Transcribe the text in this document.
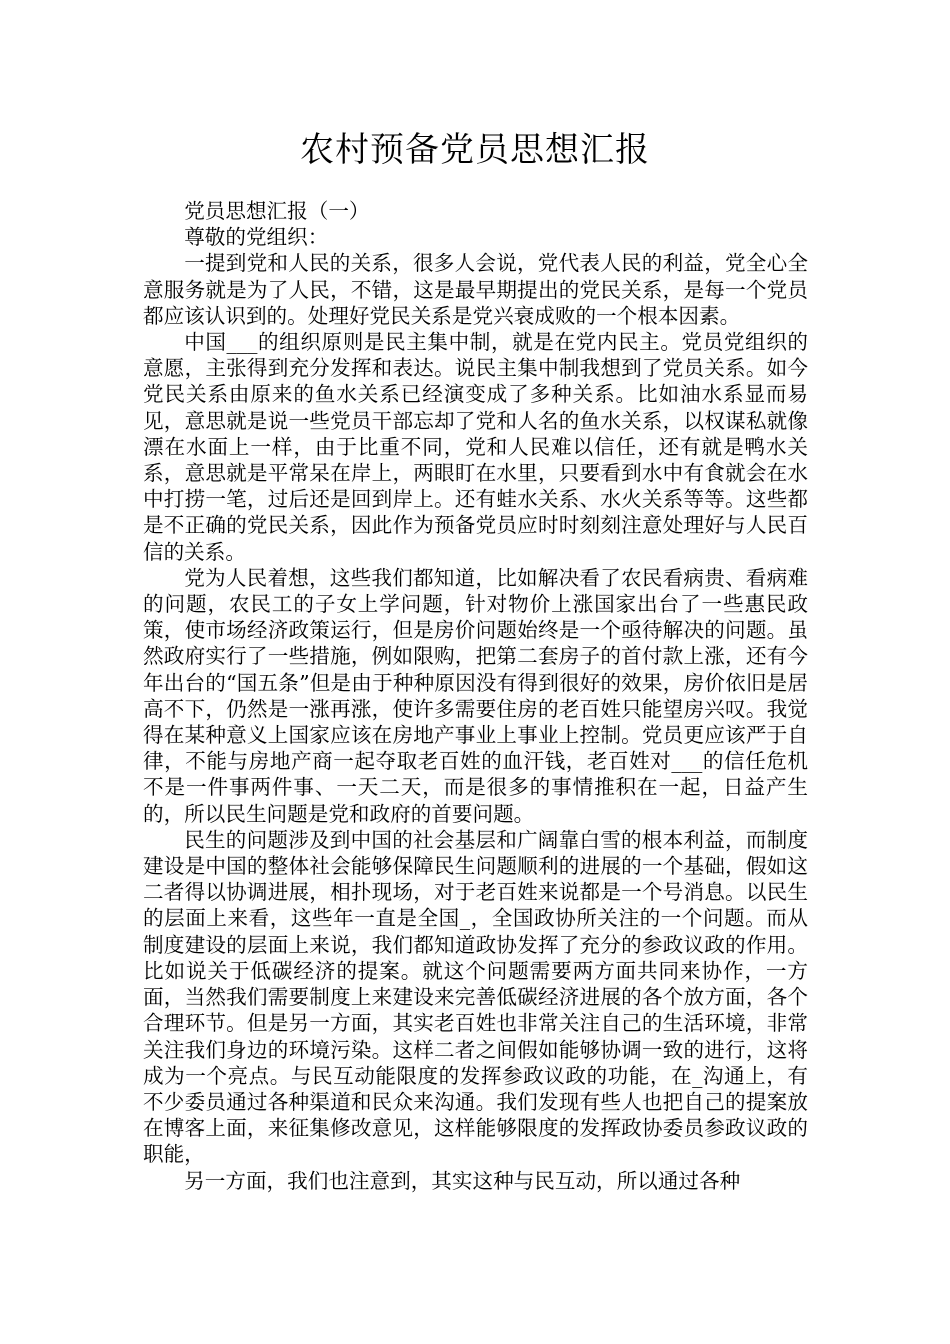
农村预备党员思想汇报

党员思想汇报（一）

尊敬的党组织：

一提到党和人民的关系，很多人会说，党代表人民的利益，党全心全意服务就是为了人民，不错，这是最早期提出的党民关系，是每一个党员都应该认识到的。处理好党民关系是党兴衰成败的一个根本因素。

中国___的组织原则是民主集中制，就是在党内民主。党员党组织的意愿，主张得到充分发挥和表达。说民主集中制我想到了党员关系。如今党民关系由原来的鱼水关系已经演变成了多种关系。比如油水系显而易见，意思就是说一些党员干部忘却了党和人名的鱼水关系，以权谋私就像漂在水面上一样，由于比重不同，党和人民难以信任，还有就是鸭水关系，意思就是平常呆在岸上，两眼盯在水里，只要看到水中有食就会在水中打捞一笔，过后还是回到岸上。还有蛙水关系、水火关系等等。这些都是不正确的党民关系，因此作为预备党员应时时刻刻注意处理好与人民百信的关系。

党为人民着想，这些我们都知道，比如解决看了农民看病贵、看病难的问题，农民工的子女上学问题，针对物价上涨国家出台了一些惠民政策，使市场经济政策运行，但是房价问题始终是一个亟待解决的问题。虽然政府实行了一些措施，例如限购，把第二套房子的首付款上涨，还有今年出台的“国五条”但是由于种种原因没有得到很好的效果，房价依旧是居高不下，仍然是一涨再涨，使许多需要住房的老百姓只能望房兴叹。我觉得在某种意义上国家应该在房地产事业上事业上控制。党员更应该严于自律，不能与房地产商一起夺取老百姓的血汗钱，老百姓对___的信任危机不是一件事两件事、一天二天，而是很多的事情推积在一起，日益产生的，所以民生问题是党和政府的首要问题。

民生的问题涉及到中国的社会基层和广阔靠白雪的根本利益，而制度建设是中国的整体社会能够保障民生问题顺利的进展的一个基础，假如这二者得以协调进展，相扑现场，对于老百姓来说都是一个号消息。以民生的层面上来看，这些年一直是全国_，全国政协所关注的一个问题。而从制度建设的层面上来说，我们都知道政协发挥了充分的参政议政的作用。比如说关于低碳经济的提案。就这个问题需要两方面共同来协作，一方面，当然我们需要制度上来建设来完善低碳经济进展的各个放方面，各个合理环节。但是另一方面，其实老百姓也非常关注自己的生活环境，非常关注我们身边的环境污染。这样二者之间假如能够协调一致的进行，这将成为一个亮点。与民互动能限度的发挥参政议政的功能，在_沟通上，有不少委员通过各种渠道和民众来沟通。我们发现有些人也把自己的提案放在博客上面，来征集修改意见，这样能够限度的发挥政协委员参政议政的职能，

另一方面，我们也注意到，其实这种与民互动，所以通过各种
